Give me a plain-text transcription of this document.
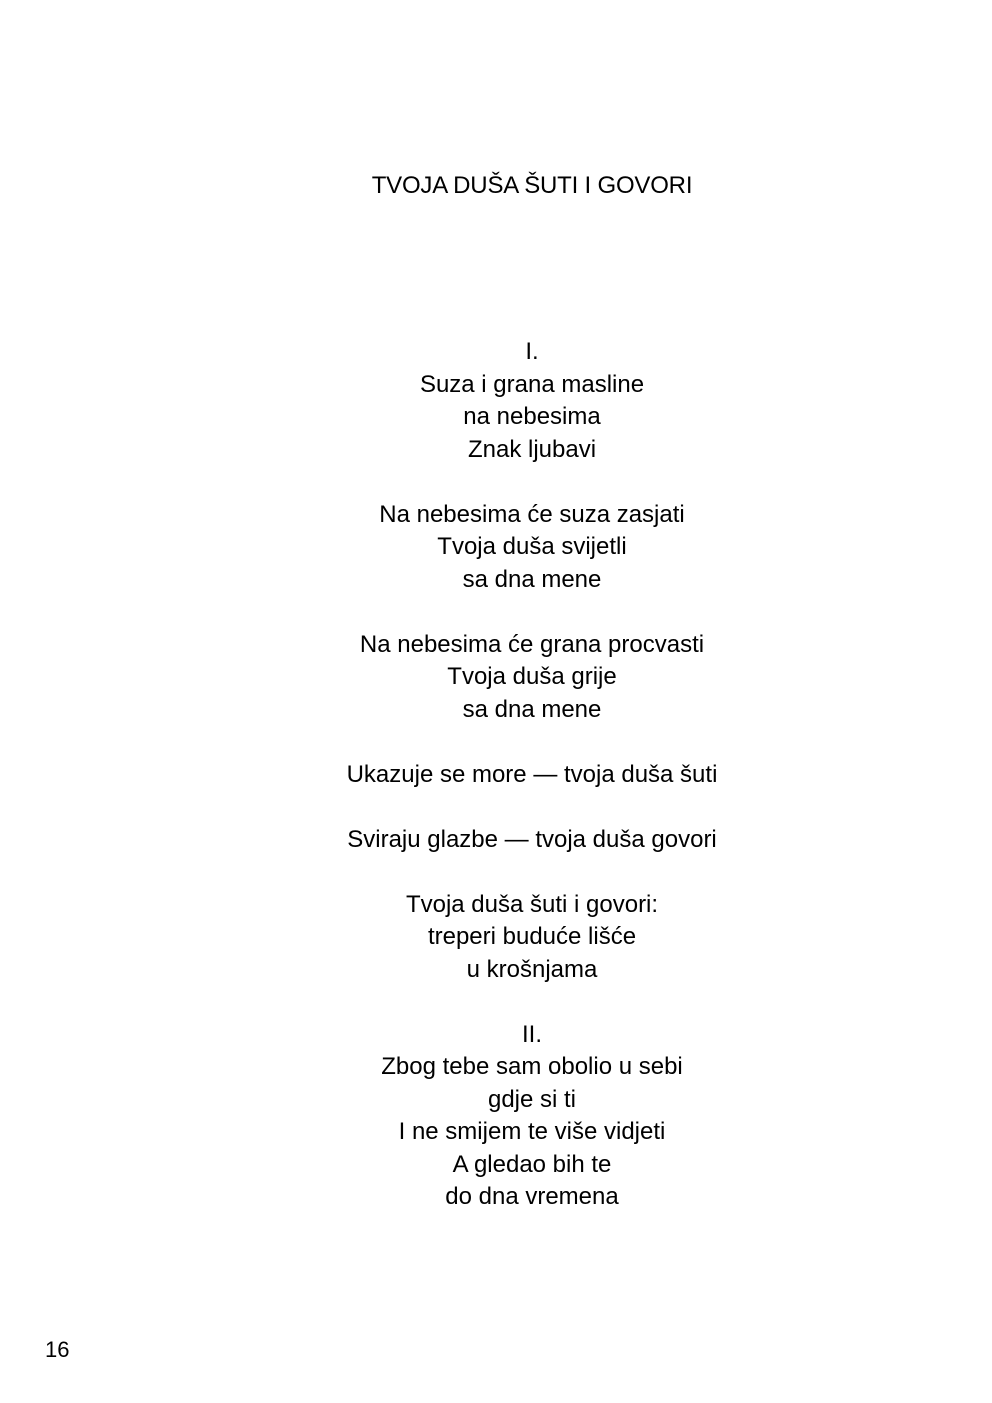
TVOJA DUŠA ŠUTI I GOVORI
I.
Suza i grana masline
na nebesima
Znak ljubavi
Na nebesima će suza zasjati
Tvoja duša svijetli
sa dna mene
Na nebesima će grana procvasti
Tvoja duša grije
sa dna mene
Ukazuje se more — tvoja duša šuti
Sviraju glazbe — tvoja duša govori
Tvoja duša šuti i govori:
treperi buduće lišće
u krošnjama
II.
Zbog tebe sam obolio u sebi
gdje si ti
I ne smijem te više vidjeti
A gledao bih te
do dna vremena
16
